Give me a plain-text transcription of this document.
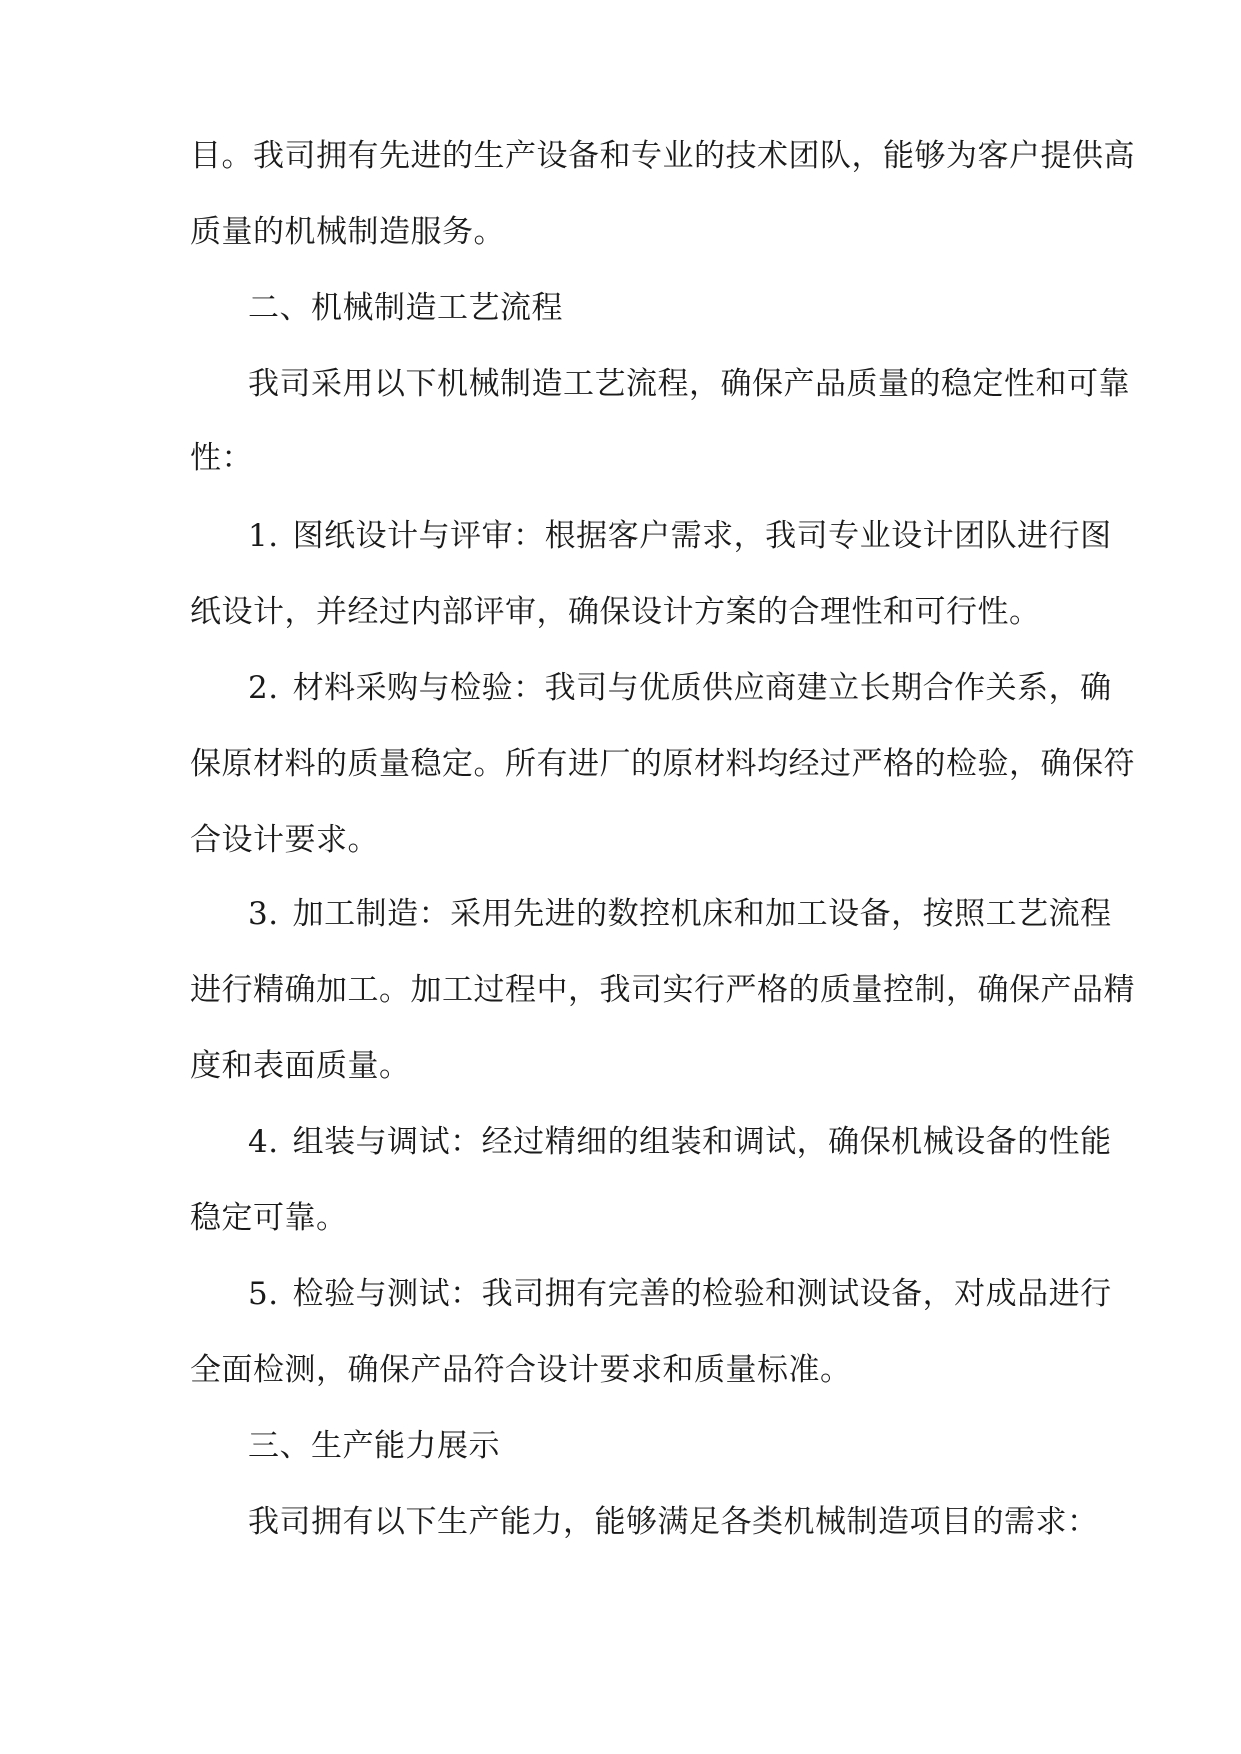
目。我司拥有先进的生产设备和专业的技术团队，能够为客户提供高
质量的机械制造服务。
二、机械制造工艺流程
我司采用以下机械制造工艺流程，确保产品质量的稳定性和可靠
性：
1. 图纸设计与评审：根据客户需求，我司专业设计团队进行图
纸设计，并经过内部评审，确保设计方案的合理性和可行性。
2. 材料采购与检验：我司与优质供应商建立长期合作关系，确
保原材料的质量稳定。所有进厂的原材料均经过严格的检验，确保符
合设计要求。
3. 加工制造：采用先进的数控机床和加工设备，按照工艺流程
进行精确加工。加工过程中，我司实行严格的质量控制，确保产品精
度和表面质量。
4. 组装与调试：经过精细的组装和调试，确保机械设备的性能
稳定可靠。
5. 检验与测试：我司拥有完善的检验和测试设备，对成品进行
全面检测，确保产品符合设计要求和质量标准。
三、生产能力展示
我司拥有以下生产能力，能够满足各类机械制造项目的需求：
